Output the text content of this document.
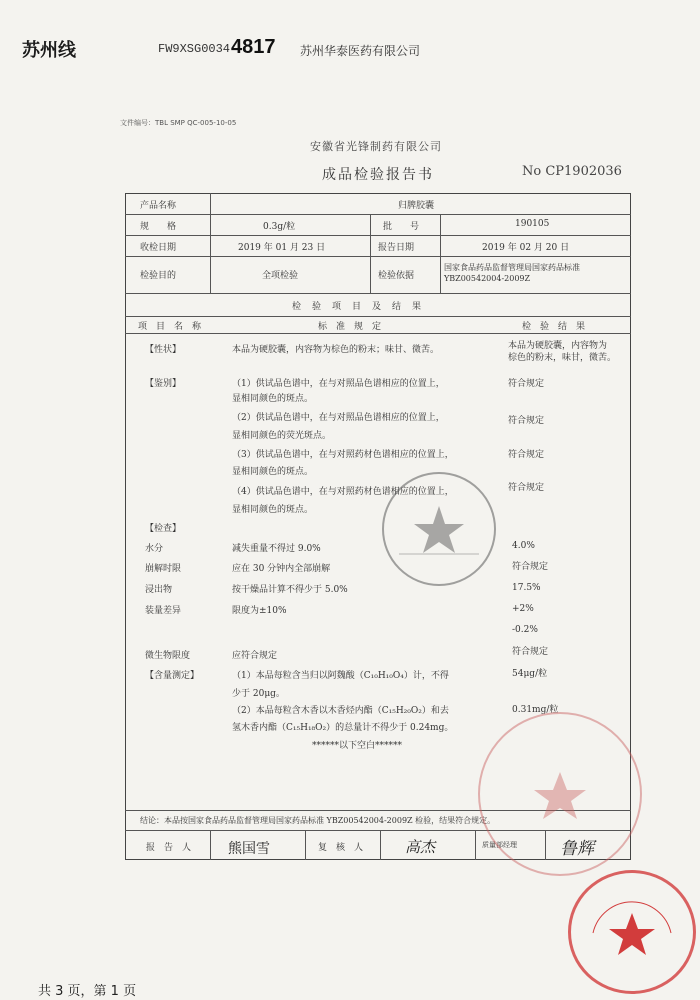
苏州线	FW9XSG0034 4817 苏州华泰医药有限公司
文件编号：TBL SMP QC-005-10-05
安徽省光锋制药有限公司
成品检验报告书	No CP1902036
产品名称	归脾胶囊
规　　格	0.3g/粒	批　　号	190105
收检日期	2019 年 01 月 23 日	报告日期	2019 年 02 月 20 日
检验目的	全项检验	检验依据
国家食品药品监督管理局国家药品标准 YBZ00542004-2009Z
检　验　项　目　及　结　果
项　目　名　称	标　准　规　定	检　验　结　果
【性状】	本品为硬胶囊，内容物为棕色的粉末；味甘、微苦。	本品为硬胶囊，内容物为
棕色的粉末，味甘，微苦。
【鉴别】	（1）供试品色谱中，在与对照品色谱相应的位置上，
显相同颜色的斑点。
符合规定
（2）供试品色谱中，在与对照品色谱相应的位置上，
显相同颜色的荧光斑点。
符合规定
（3）供试品色谱中，在与对照药材色谱相应的位置上，
显相同颜色的斑点。
符合规定
（4）供试品色谱中，在与对照药材色谱相应的位置上，
显相同颜色的斑点。
符合规定
【检查】
水分	减失重量不得过 9.0%	4.0%
崩解时限	应在 30 分钟内全部崩解	符合规定
浸出物	按干燥品计算不得少于 5.0%	17.5%
装量差异	限度为±10%	+2%
-0.2%
微生物限度	应符合规定	符合规定
【含量测定】	（1）本品每粒含当归以阿魏酸（C₁₀H₁₀O₄）计，不得
少于 20μg。
54μg/粒
（2）本品每粒含木香以木香烃内酯（C₁₅H₂₀O₂）和去
氢木香内酯（C₁₅H₁₈O₂）的总量计不得少于 0.24mg。
0.31mg/粒
******以下空白******
结论：本品按国家食品药品监督管理局国家药品标准 YBZ00542004-2009Z 检验，结果符合规定。
报　告　人	熊国雪	复　核　人	高杰	质量部经理	鲁辉
共 3 页，第 1 页
